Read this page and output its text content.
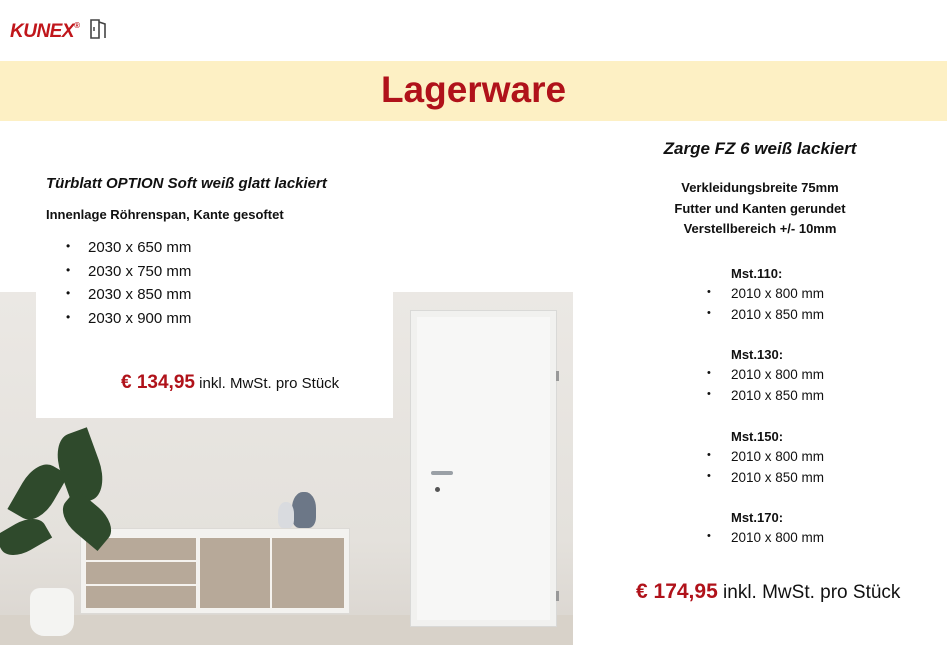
KUNEX®
Lagerware
Türblatt OPTION Soft weiß glatt lackiert
Innenlage Röhrenspan, Kante gesoftet
• 2030 x 650 mm
• 2030 x 750 mm
• 2030 x 850 mm
• 2030 x 900 mm
€ 134,95 inkl. MwSt. pro Stück
Zarge FZ 6 weiß lackiert
Verkleidungsbreite 75mm
Futter und Kanten gerundet
Verstellbereich +/- 10mm
Mst.110:
• 2010 x 800 mm
• 2010 x 850 mm
Mst.130:
• 2010 x 800 mm
• 2010 x 850 mm
Mst.150:
• 2010 x 800 mm
• 2010 x 850 mm
Mst.170:
• 2010 x 800 mm
€ 174,95 inkl. MwSt. pro Stück
